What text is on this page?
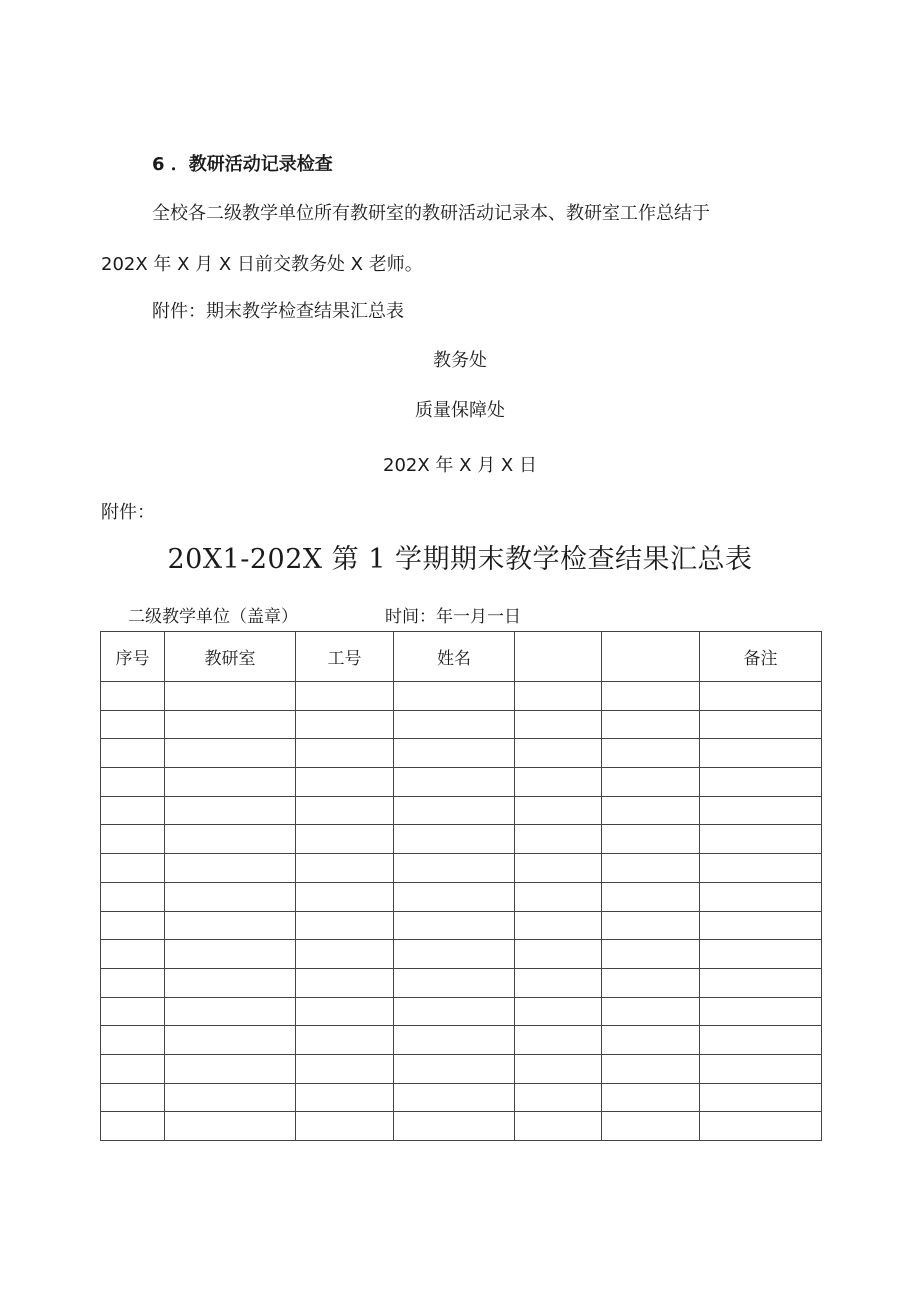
6 ．教研活动记录检查
全校各二级教学单位所有教研室的教研活动记录本、教研室工作总结于
202X 年 X 月 X 日前交教务处 X 老师。
附件：期末教学检查结果汇总表
教务处
质量保障处
202X 年 X 月 X 日
附件：
20X1-202X 第 1 学期期末教学检查结果汇总表
二级教学单位（盖章）	时间：年一月一日
序号	教研室	工号	姓名			备注
